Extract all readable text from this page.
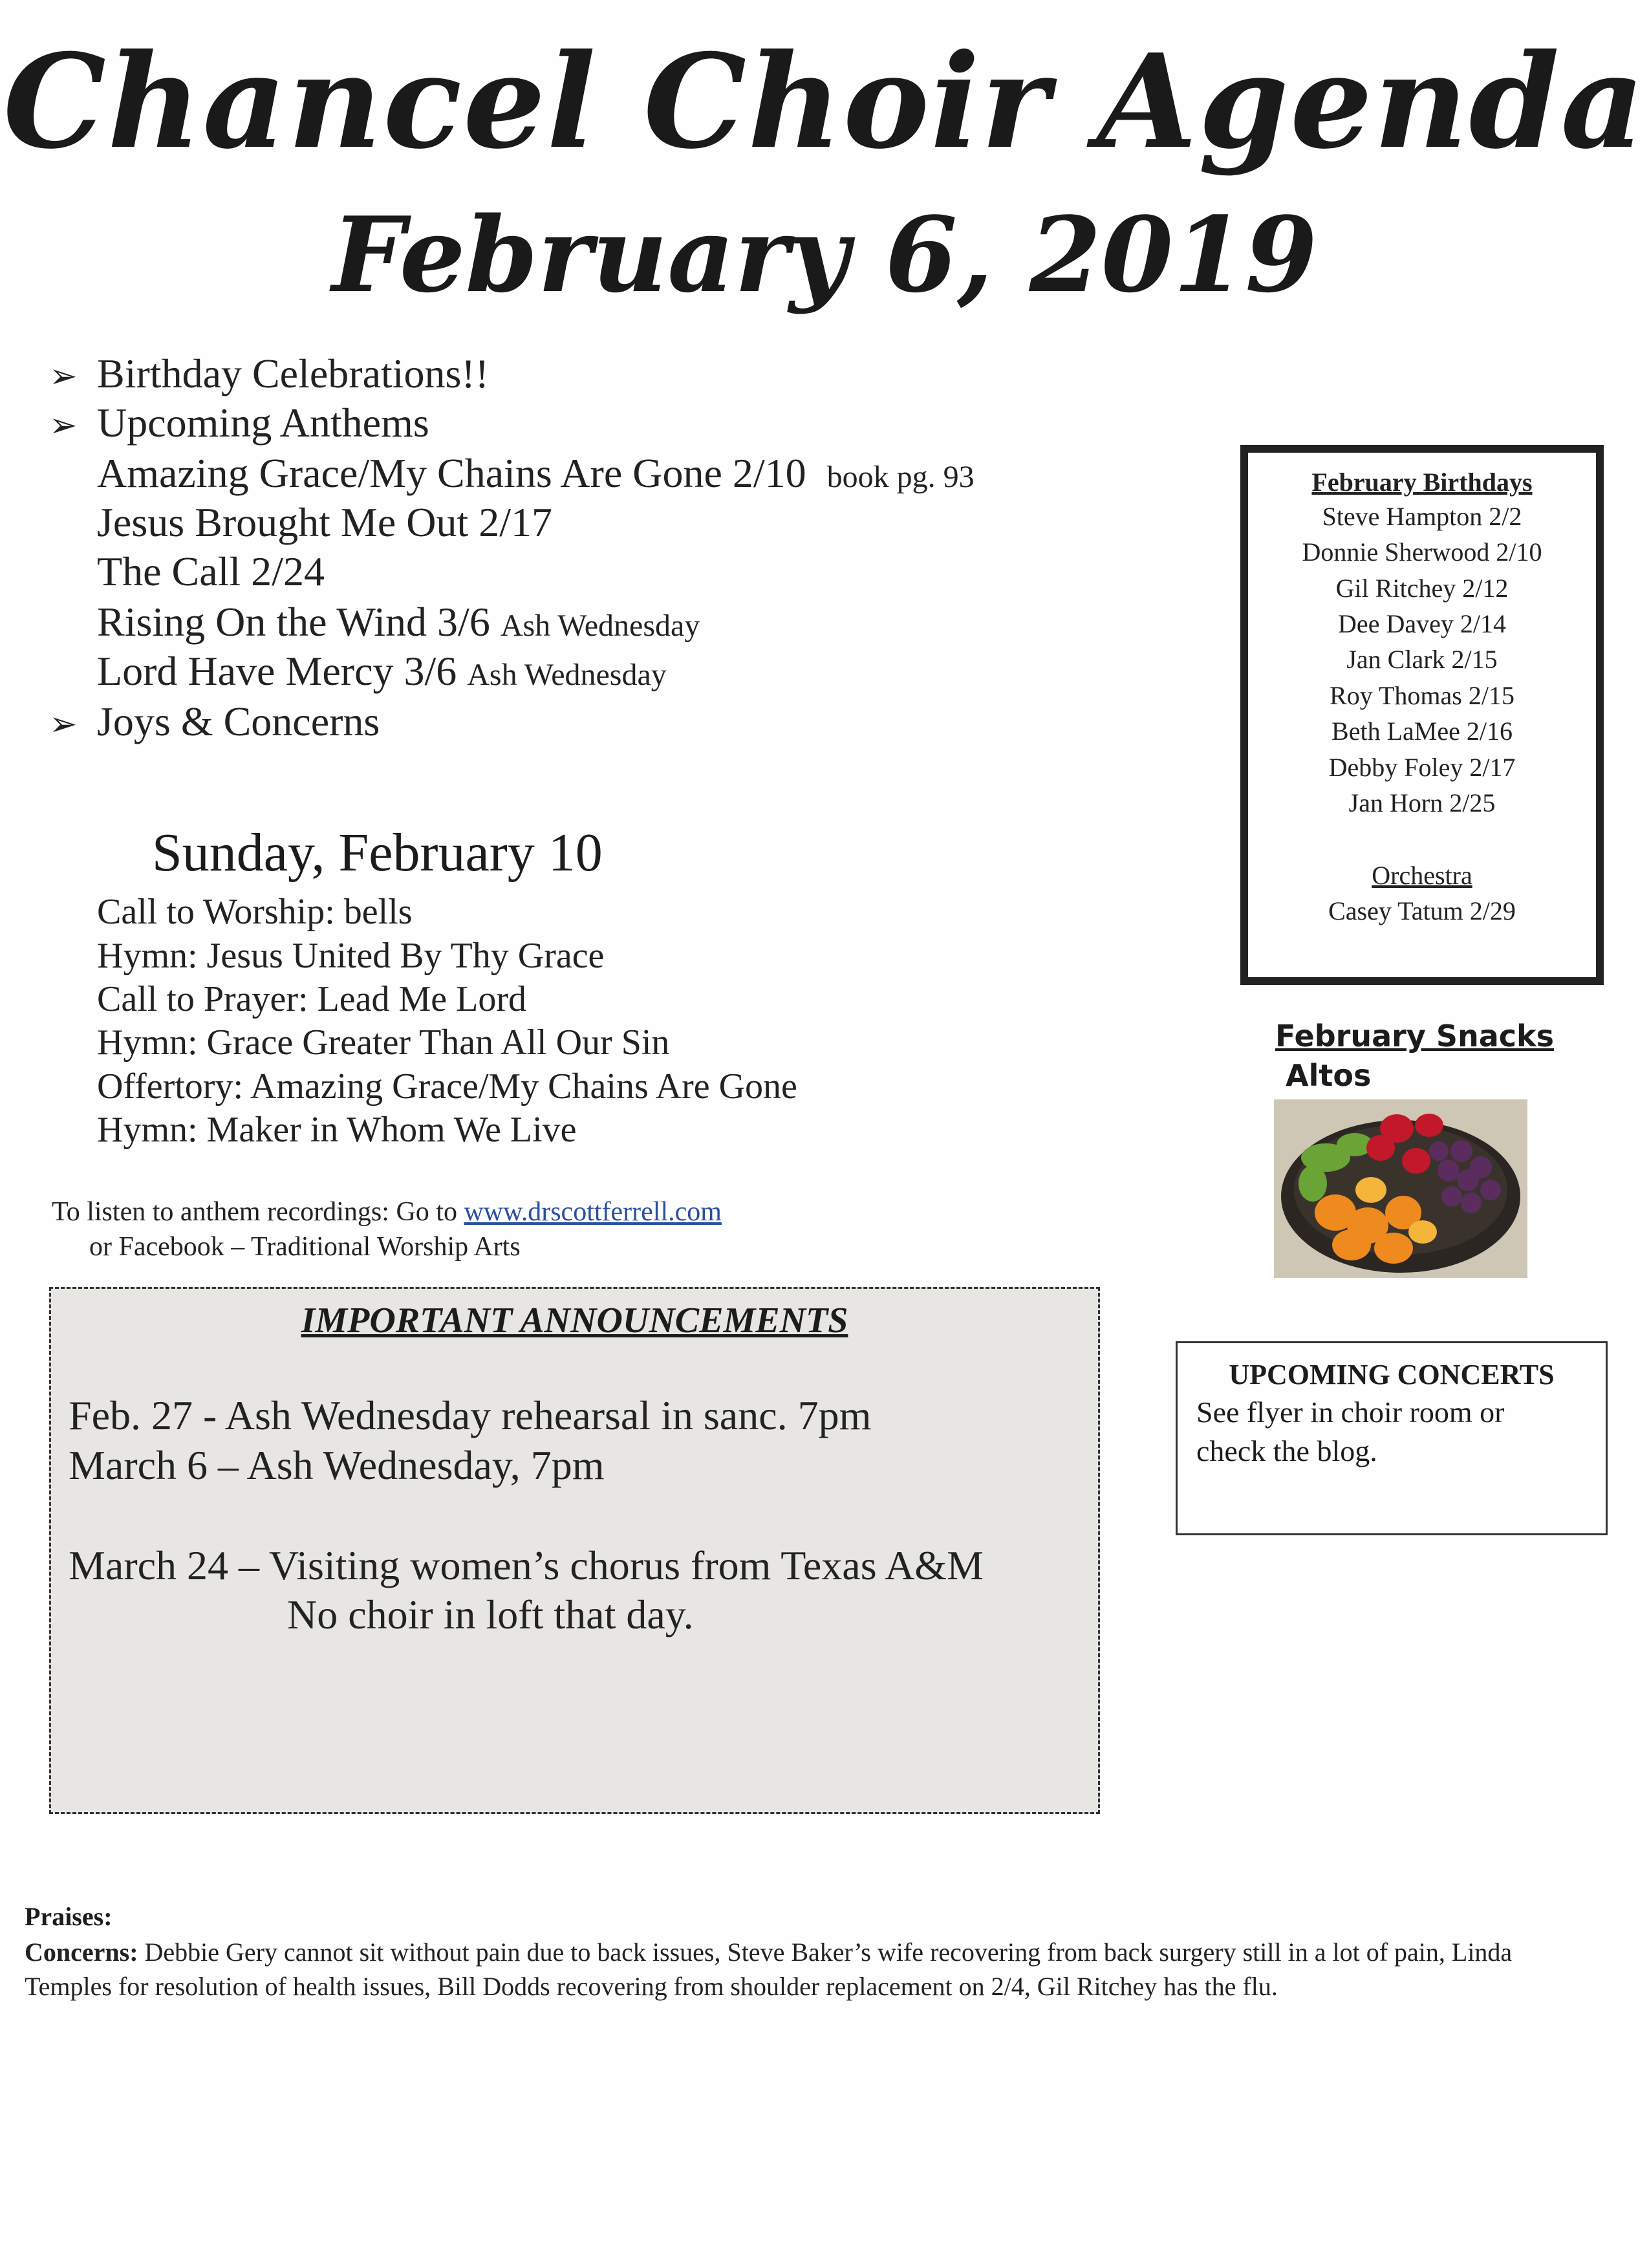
Chancel Choir Agenda
February 6, 2019
➢ Birthday Celebrations!!
➢ Upcoming Anthems
Amazing Grace/My Chains Are Gone 2/10 book pg. 93
Jesus Brought Me Out 2/17
The Call 2/24
Rising On the Wind 3/6 Ash Wednesday
Lord Have Mercy 3/6 Ash Wednesday
➢ Joys & Concerns
Sunday, February 10
Call to Worship: bells
Hymn: Jesus United By Thy Grace
Call to Prayer: Lead Me Lord
Hymn: Grace Greater Than All Our Sin
Offertory: Amazing Grace/My Chains Are Gone
Hymn: Maker in Whom We Live
To listen to anthem recordings: Go to www.drscottferrell.com
or Facebook – Traditional Worship Arts
IMPORTANT ANNOUNCEMENTS
Feb. 27 - Ash Wednesday rehearsal in sanc. 7pm
March 6 – Ash Wednesday, 7pm
March 24 – Visiting women’s chorus from Texas A&M
No choir in loft that day.
February Birthdays
Steve Hampton 2/2
Donnie Sherwood 2/10
Gil Ritchey 2/12
Dee Davey 2/14
Jan Clark 2/15
Roy Thomas 2/15
Beth LaMee 2/16
Debby Foley 2/17
Jan Horn 2/25
Orchestra
Casey Tatum 2/29
February Snacks
Altos
UPCOMING CONCERTS
See flyer in choir room or
check the blog.
Praises:
Concerns: Debbie Gery cannot sit without pain due to back issues, Steve Baker’s wife recovering from back surgery still in a lot of pain, Linda Temples for resolution of health issues, Bill Dodds recovering from shoulder replacement on 2/4, Gil Ritchey has the flu.
